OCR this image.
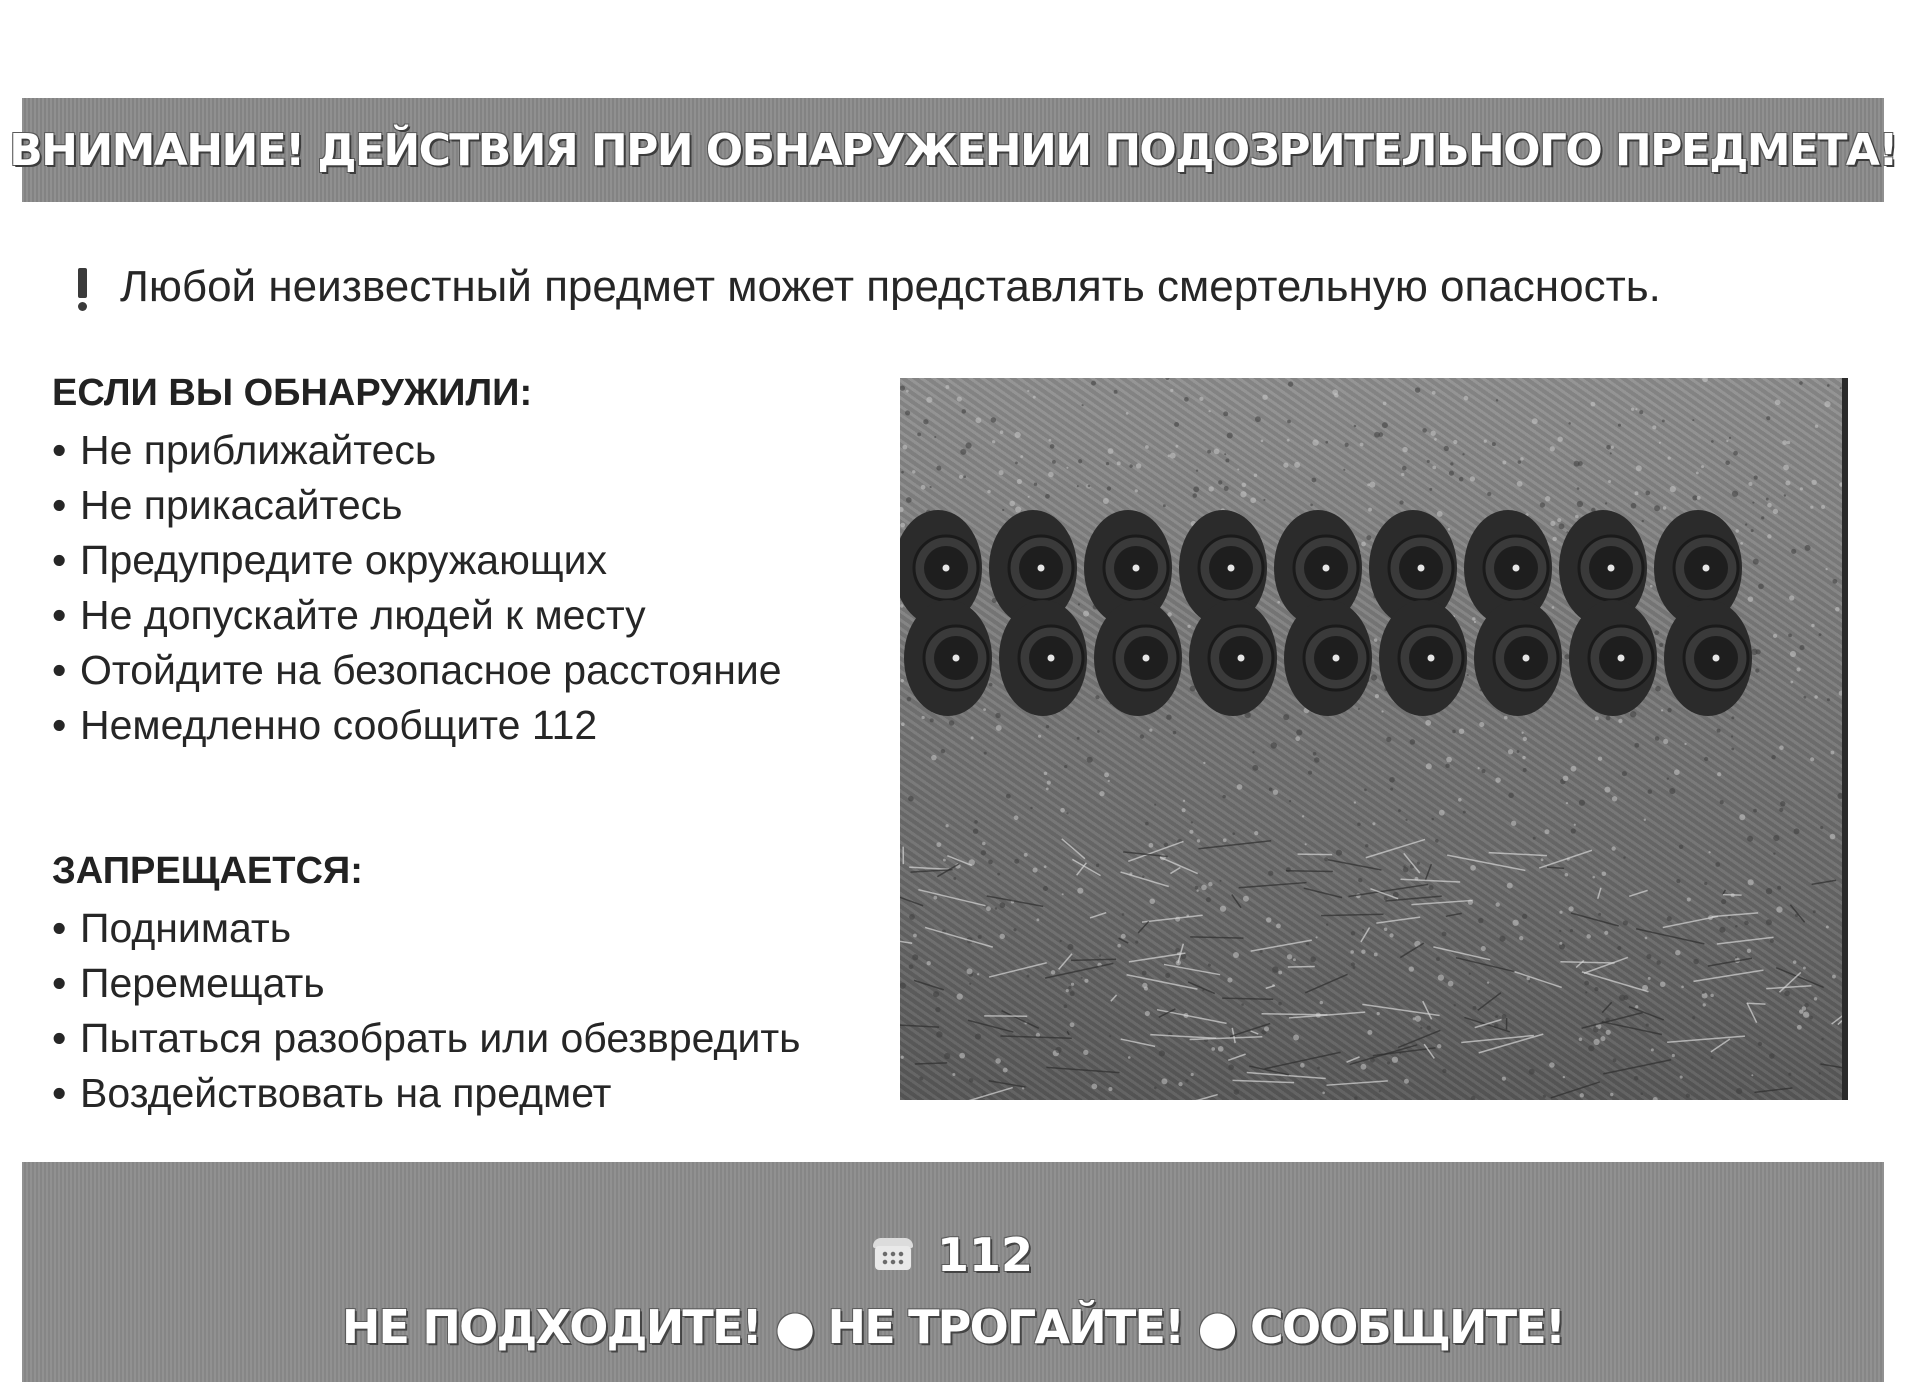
ВНИМАНИЕ! ДЕЙСТВИЯ ПРИ ОБНАРУЖЕНИИ ПОДОЗРИТЕЛЬНОГО ПРЕДМЕТА!
Любой неизвестный предмет может представлять смертельную опасность.
ЕСЛИ ВЫ ОБНАРУЖИЛИ:
• Не приближайтесь
• Не прикасайтесь
• Предупредите окружающих
• Не допускайте людей к месту
• Отойдите на безопасное расстояние
• Немедленно сообщите 112
ЗАПРЕЩАЕТСЯ:
• Поднимать
• Перемещать
• Пытаться разобрать или обезвредить
• Воздействовать на предмет
112
НЕ ПОДХОДИТЕ! ● НЕ ТРОГАЙТЕ! ● СООБЩИТЕ!
